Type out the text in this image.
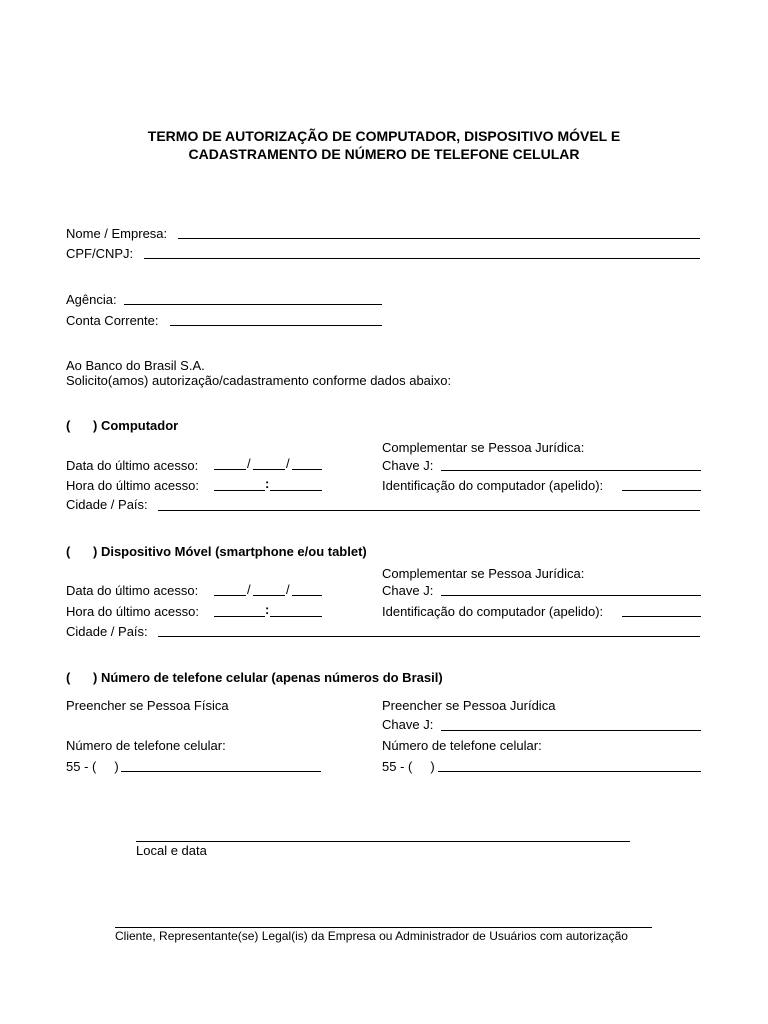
TERMO DE AUTORIZAÇÃO DE COMPUTADOR, DISPOSITIVO MÓVEL E
CADASTRAMENTO DE NÚMERO DE TELEFONE CELULAR
Nome / Empresa:
CPF/CNPJ:
Agência:
Conta Corrente:
Ao Banco do Brasil S.A.
Solicito(amos) autorização/cadastramento conforme dados abaixo:
( ) Computador
Complementar se Pessoa Jurídica:
Data do último acesso:	/	/	Chave J:
Hora do último acesso:	:	Identificação do computador (apelido):
Cidade / País:
( ) Dispositivo Móvel (smartphone e/ou tablet)
Complementar se Pessoa Jurídica:
Data do último acesso:	/	/	Chave J:
Hora do último acesso:	:	Identificação do computador (apelido):
Cidade / País:
( ) Número de telefone celular (apenas números do Brasil)
Preencher se Pessoa Física	Preencher se Pessoa Jurídica
Chave J:
Número de telefone celular:	Número de telefone celular:
55 - (     )	55 - (     )
Local e data
Cliente, Representante(se) Legal(is) da Empresa ou Administrador de Usuários com autorização
